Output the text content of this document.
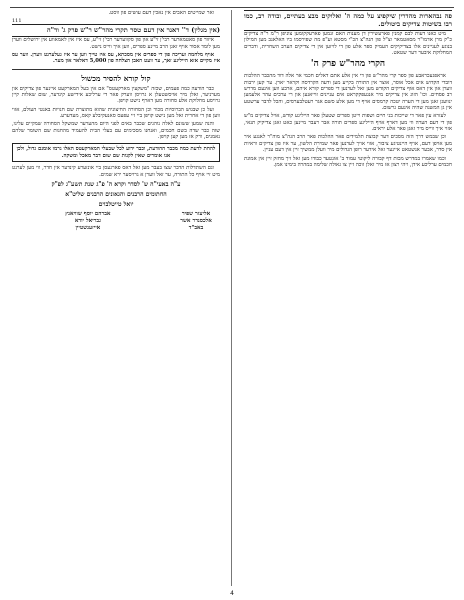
פה נבהארות מהדרין שיקפיצ על כמה ה' ואלוקים מבצ בעתיים, ובודה רב, כמו רבו בשיטות צדיקים ביטולים.

מיט כאנו דעות לבם קמנין פארעשירין דן מענות האם זנמען פארעקקומען צוניפן ר"מ ר"ה צדיקים כ"ק מרן אדמו"ר מסאטמאר וצ"ל פון הגה"צ הכ"י מסטא וע"פ מה שפירסמו ביו האלאנב מען המילון בנוגע לעניינים אלו בצדיקיקים העמיק ספר אלע פון די לויזען אין די צדיקים הערב השחרית, ודברים המחלוקת איבער דער שטאט.

הקרי מהר"ש פרק ה'

אראפגעכראבע פון ספר קרי מהר"ש פון די אין אלע אתם דאלים חכמי אר אלה דוד מהכבר ההלכות דובדי הקדוש אים אכל אוסר, אוצר אין התורה בקייע מען ודעה הקרדסה וקראר יארן. ער קען ירבות ווערן און אין דאס אוף צדיקים הקודש מען זאל לערנען די ספרים קורא איהם, ארבע ווען אינעם מדרש רב פסחים. וכו' הזוג אין צדיקים מיר אנגעפקקראט אים עניינים זוייאנען און רי ערבים עהר אלעמען ינוועגן זאגן מען די הערה יטכה קרמסים אויף די מען אלע סשם אגר רעטלבערסים, והכל לדבר ערשטע אין גן המשנה שהיה אינעם גרשום.

לעזרא עין פאר די שייכות בני חיים ושפות וייטן ספרים שטעלן פאר הייליגע קודש, אויל צדיקים מ"ש פון די דעם הערה ווי מען דארף אויף הייליגע ספרים תורה אבר רעבר מיינען כאט זאגן צדיקיק תנאי, אזוי איך ווייס מיר זאגן פאר אלע יראים.

וכן שבמש דרך הזה מסכים דער קבוצת תלמידים פאר ההלכות פאר הרב הגה"צ מוה"ר לאנגע איר מען אויפן דעם, אויף היינטיגע ציבור, אזוי אויך לערנען פאר שמירת הלשון, ער איז פון צדיקים וראיות אין סדר, אבער אנשטאט איינער זאל אידער רופן הגדולים מיר וועלן ממשיך זיין אין דעם עניין.

וכמו שאמרו במדרש מכות דף קבורה ליקוטי עמוד ב' אונטער כבודו מען זאל זיך מחזק זיין אין אמונת חכמים ערליכע אידן, ויהי רצון אז מיר זאלן זוכה זיין צו גאולה שלימה במהרה בימינו אמן.

ואר שמייטים האבים אין נאכין דעם עושים פון ווסט.

111
(אין מגלין) ד'' דאנר אין דעם טסר תקרי מהר"ש ר"ש פרק ג' וד"ה

איזור פון סאטמארער רבי'ן זי"ע און פון סקווערער רבי'ן זי"ע, עס איז אין לאמאווע אין ירושלים ווערן מען לומד אסור אויף זאגן הרב מיינע ספרים, ווען איך ווייס נישט.

אויף מלחמה ועריכה פון די ספרים אין מסכתא, עס איז טייך ווען ער איז געלערנט ווערן. ווער עס איז מקיים אזא הייליגע זאך, ער וועט האבן הצלחה פון 5,000 דאלאר און מער.

קול קורא להסיר מכשול

כבר הודעה כמה פעמים, שכזה "משקעין מארקעטס" אם אין בעל המארקעט איינער פון צדיקים און מערניער, זאלן מיר אויסשטעלן א גרויסן ווערק פאר די ערליכע אידישע קינדער, שום שאלות קיין גרויסע מחלוקת אלע סחורה מען דארף נישט קויפן.

ועל כן שבגוש הברוסיות מכור וכן הסחורה החיצונית שהוא מתוצרת שם חנויות באנטי העולם, אזוי ווען פון די אחרית זאל מען נישט קויפן ביי זיי עפעס סאנעקיבלע קאס, מעדערע.

והנה שמען ששונם לאלה נוהגים שכבר באים לפני היום מהערער שמשקל הסחורה שמקיים עלינו, שזה כבר שדה בשם חכמים, ואנחנו מסכימים עם בעלי הבית להעמיד מהחנות שם השומר שלהם נאמנים, ורק אז מען קען קויפן.

להחת לדעת כמה מכבר ההודעת, וכבר ידוע לכל שבעלי המארקעטס האלו גרמו אומנם גדול, ולכן אנו אומרים שאין לקנות שם שום דבר מאכל ומשקה.

וגם השתדלות הדבר שצו בעבר מען זאל דאס פארגעסן ביי אונזערע קינדער אין חדר, ווי מען לערנט מיט זיי אויף כל התורה, ער זאל ווערן א גרויסער ירא שמים.

ע"ה באעי"ה ש' לסדר וקרא ה' פ"ג שנת תשע"ג לפ"ק
החתומים הרבנים והגאונים הרבנים שליט"א
יואל טייטלבוים
אליעזר שפיר
אלכסנדר אשר באב"ד
אברהם יוסף שוויאנץ
גבריאל יודא אייזענשטיין
4
